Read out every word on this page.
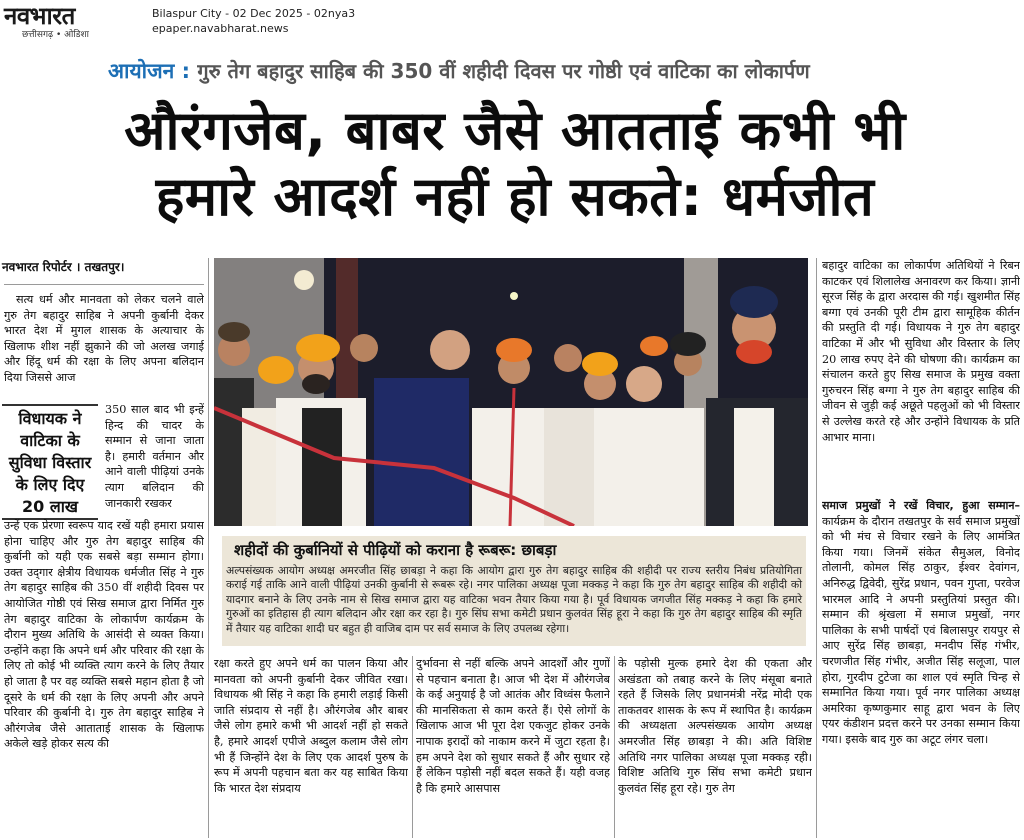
नवभारत
छत्तीसगढ़ • ओडिशा
Bilaspur City - 02 Dec 2025 - 02nya3
epaper.navabharat.news
आयोजन : गुरु तेग बहादुर साहिब की 350 वीं शहीदी दिवस पर गोष्ठी एवं वाटिका का लोकार्पण
औरंगजेब, बाबर जैसे आतताई कभी भी
हमारे आदर्श नहीं हो सकते: धर्मजीत
नवभारत रिपोर्टर । तखतपुर।
सत्य धर्म और मानवता को लेकर चलने वाले गुरु तेग बहादुर साहिब ने अपनी कुर्बानी देकर भारत देश में मुगल शासक के अत्याचार के खिलाफ शीश नहीं झुकाने की जो अलख जगाई और हिंदू धर्म की रक्षा के लिए अपना बलिदान दिया जिससे आज
विधायक ने वाटिका के सुविधा विस्तार के लिए दिए 20 लाख
350 साल बाद भी इन्हें हिन्द की चादर के सम्मान से जाना जाता है। हमारी वर्तमान और आने वाली पीढ़ियां उनके त्याग बलिदान की जानकारी रखकर
उन्हें एक प्रेरणा स्वरूप याद रखें यही हमारा प्रयास होना चाहिए और गुरु तेग बहादुर साहिब की कुर्बानी को यही एक सबसे बड़ा सम्मान होगा। उक्त उद्‌गार क्षेत्रीय विधायक धर्मजीत सिंह ने गुरु तेग बहादुर साहिब की 350 वीं शहीदी दिवस पर आयोजित गोष्ठी एवं सिख समाज द्वारा निर्मित गुरु तेग बहादुर वाटिका के लोकार्पण कार्यक्रम के दौरान मुख्य अतिथि के आसंदी से व्यक्त किया। उन्होंने कहा कि अपने धर्म और परिवार की रक्षा के लिए तो कोई भी व्यक्ति त्याग करने के लिए तैयार हो जाता है पर वह व्यक्ति सबसे महान होता है जो दूसरे के धर्म की रक्षा के लिए अपनी और अपने परिवार की कुर्बानी दे। गुरु तेग बहादुर साहिब ने औरंगजेब जैसे आताताई शासक के खिलाफ अकेले खड़े होकर सत्य की
शहीदों की कुर्बानियों से पीढ़ियों को कराना है रूबरू: छाबड़ा
अल्पसंख्यक आयोग अध्यक्ष अमरजीत सिंह छाबड़ा ने कहा कि आयोग द्वारा गुरु तेग बहादुर साहिब की शहीदी पर राज्य स्तरीय निबंध प्रतियोगिता कराई गई ताकि आने वाली पीढ़ियां उनकी कुर्बानी से रूबरू रहे। नगर पालिका अध्यक्ष पूजा मक्कड़ ने कहा कि गुरु तेग बहादुर साहिब की शहीदी को यादगार बनाने के लिए उनके नाम से सिख समाज द्वारा यह वाटिका भवन तैयार किया गया है। पूर्व विधायक जगजीत सिंह मक्कड़ ने कहा कि हमारे गुरुओं का इतिहास ही त्याग बलिदान और रक्षा कर रहा है। गुरु सिंघ सभा कमेटी प्रधान कुलवंत सिंह हूरा ने कहा कि गुरु तेग बहादुर साहिब की स्मृति में तैयार यह वाटिका शादी घर बहुत ही वाजिब दाम पर सर्व समाज के लिए उपलब्ध रहेगा।
रक्षा करते हुए अपने धर्म का पालन किया और मानवता को अपनी कुर्बानी देकर जीवित रखा। विधायक श्री सिंह ने कहा कि हमारी लड़ाई किसी जाति संप्रदाय से नहीं है। औरंगजेब और बाबर जैसे लोग हमारे कभी भी आदर्श नहीं हो सकते है, हमारे आदर्श एपीजे अब्दुल कलाम जैसे लोग भी हैं जिन्होंने देश के लिए एक आदर्श पुरुष के रूप में अपनी पहचान बता कर यह साबित किया कि भारत देश संप्रदाय
दुर्भावना से नहीं बल्कि अपने आदर्शों और गुणों से पहचान बनाता है। आज भी देश में औरंगजेब के कई अनुयाई है जो आतंक और विध्वंस फैलाने की मानसिकता से काम करते हैं। ऐसे लोगों के खिलाफ आज भी पूरा देश एकजुट होकर उनके नापाक इरादों को नाकाम करने में जुटा रहता है। हम अपने देश को सुधार सकते हैं और सुधार रहे हैं लेकिन पड़ोसी नहीं बदल सकते हैं। यही वजह है कि हमारे आसपास
के पड़ोसी मुल्क हमारे देश की एकता और अखंडता को तबाह करने के लिए मंसूबा बनाते रहते हैं जिसके लिए प्रधानमंत्री नरेंद्र मोदी एक ताकतवर शासक के रूप में स्थापित है। कार्यक्रम की अध्यक्षता अल्पसंख्यक आयोग अध्यक्ष अमरजीत सिंह छाबड़ा ने की। अति विशिष्ट अतिथि नगर पालिका अध्यक्ष पूजा मक्कड़ रही। विशिष्ट अतिथि गुरु सिंघ सभा कमेटी प्रधान कुलवंत सिंह हूरा रहे। गुरु तेग
बहादुर वाटिका का लोकार्पण अतिथियों ने रिबन काटकर एवं शिलालेख अनावरण कर किया। ज्ञानी सूरज सिंह के द्वारा अरदास की गई। खुशमीत सिंह बग्गा एवं उनकी पूरी टीम द्वारा सामूहिक कीर्तन की प्रस्तुति दी गई। विधायक ने गुरु तेग बहादुर वाटिका में और भी सुविधा और विस्तार के लिए 20 लाख रुपए देने की घोषणा की। कार्यक्रम का संचालन करते हुए सिख समाज के प्रमुख वक्ता गुरुचरन सिंह बग्गा ने गुरु तेग बहादुर साहिब की जीवन से जुड़ी कई अछूते पहलुओं को भी विस्तार से उल्लेख करते रहे और उन्होंने विधायक के प्रति आभार माना।
समाज प्रमुखों ने रखें विचार, हुआ सम्मान– कार्यक्रम के दौरान तखतपुर के सर्व समाज प्रमुखों को भी मंच से विचार रखने के लिए आमंत्रित किया गया। जिनमें संकेत सैमुअल, विनोद तोलानी, कोमल सिंह ठाकुर, ईश्वर देवांगन, अनिरुद्ध द्विवेदी, सुरेंद्र प्रधान, पवन गुप्ता, परवेज भारमल आदि ने अपनी प्रस्तुतियां प्रस्तुत की। सम्मान की श्रृंखला में समाज प्रमुखों, नगर पालिका के सभी पार्षदों एवं बिलासपुर रायपुर से आए सुरेंद्र सिंह छाबड़ा, मनदीप सिंह गंभीर, चरणजीत सिंह गंभीर, अजीत सिंह सलूजा, पाल होरा, गुरदीप टुटेजा का शाल एवं स्मृति चिन्ह से सम्मानित किया गया। पूर्व नगर पालिका अध्यक्ष अमरिका कृष्णकुमार साहू द्वारा भवन के लिए एयर कंडीशन प्रदत्त करने पर उनका सम्मान किया गया। इसके बाद गुरु का अटूट लंगर चला।
